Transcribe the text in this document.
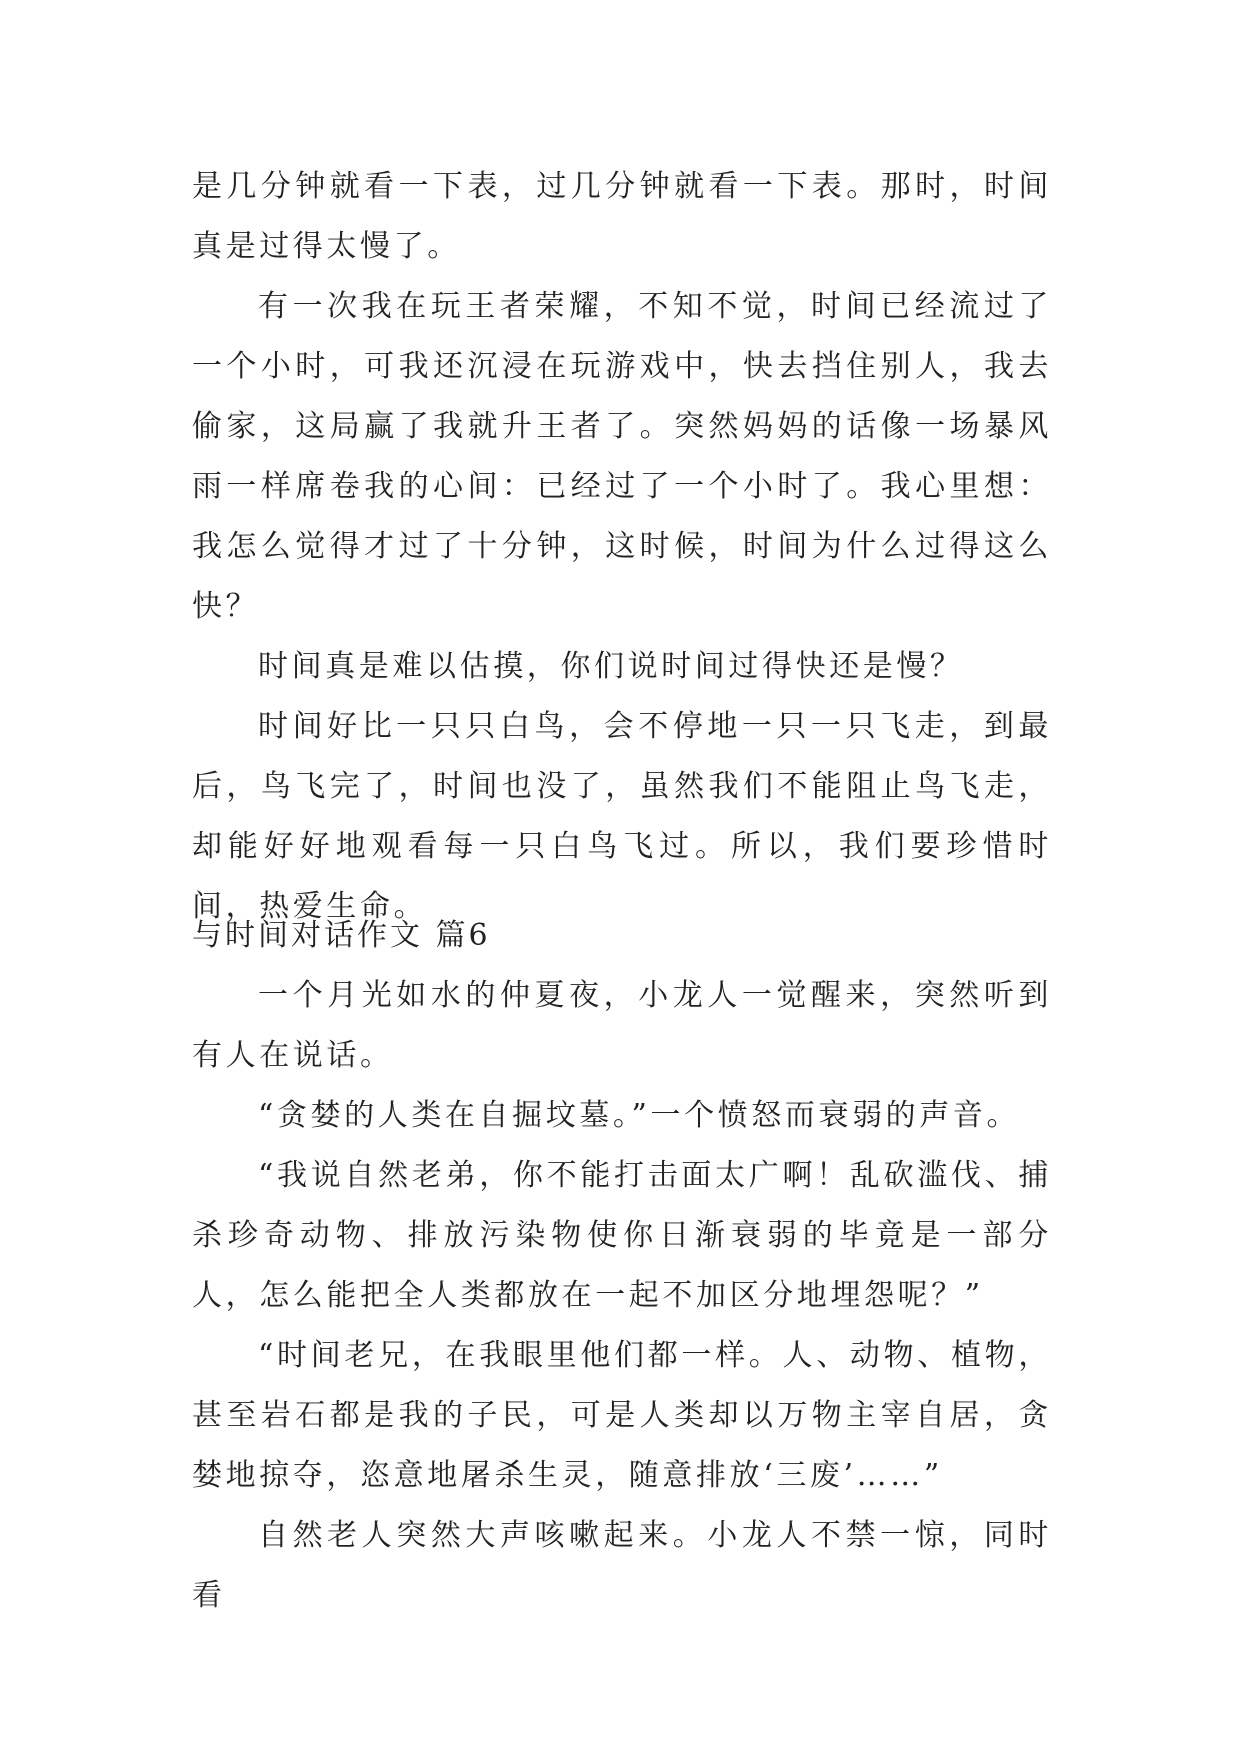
是几分钟就看一下表，过几分钟就看一下表。那时，时间真是过得太慢了。

有一次我在玩王者荣耀，不知不觉，时间已经流过了一个小时，可我还沉浸在玩游戏中，快去挡住别人，我去偷家，这局赢了我就升王者了。突然妈妈的话像一场暴风雨一样席卷我的心间：已经过了一个小时了。我心里想：我怎么觉得才过了十分钟，这时候，时间为什么过得这么快？

时间真是难以估摸，你们说时间过得快还是慢？

时间好比一只只白鸟，会不停地一只一只飞走，到最后，鸟飞完了，时间也没了，虽然我们不能阻止鸟飞走，却能好好地观看每一只白鸟飞过。所以，我们要珍惜时间，热爱生命。

与时间对话作文 篇6

一个月光如水的仲夏夜，小龙人一觉醒来，突然听到有人在说话。

“贪婪的人类在自掘坟墓。”一个愤怒而衰弱的声音。

“我说自然老弟，你不能打击面太广啊！乱砍滥伐、捕杀珍奇动物、排放污染物使你日渐衰弱的毕竟是一部分人，怎么能把全人类都放在一起不加区分地埋怨呢？”

“时间老兄，在我眼里他们都一样。人、动物、植物，甚至岩石都是我的子民，可是人类却以万物主宰自居，贪婪地掠夺，恣意地屠杀生灵，随意排放‘三废’……”

自然老人突然大声咳嗽起来。小龙人不禁一惊，同时看
